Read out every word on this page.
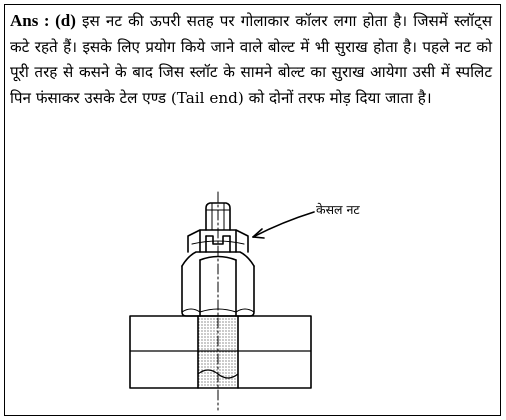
Ans : (d) इस नट की ऊपरी सतह पर गोलाकार कॉलर लगा होता है। जिसमें स्लॉट्स कटे रहते हैं। इसके लिए प्रयोग किये जाने वाले बोल्ट में भी सुराख होता है। पहले नट को पूरी तरह से कसने के बाद जिस स्लॉट के सामने बोल्ट का सुराख आयेगा उसी में स्पलिट पिन फंसाकर उसके टेल एण्ड (Tail end) को दोनों तरफ मोड़ दिया जाता है।

केसल नट
